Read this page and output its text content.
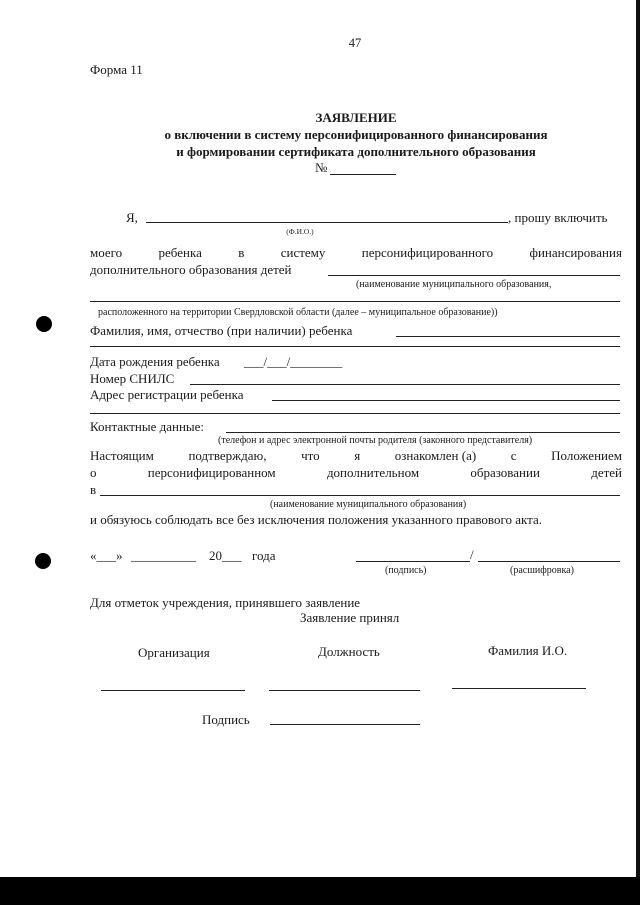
47
Форма 11
ЗАЯВЛЕНИЕ
о включении в систему персонифицированного финансирования
и формировании сертификата дополнительного образования
№
Я,	, прошу включить
(Ф.И.О.)
моего	ребенка	в	систему	персонифицированного	финансирования
дополнительного образования детей
(наименование муниципального образования,
расположенного на территории Свердловской области (далее – муниципальное образование))
Фамилия, имя, отчество (при наличии) ребенка
Дата рождения ребенка ___/___/________
Номер СНИЛС
Адрес регистрации ребенка
Контактные данные:
(телефон и адрес электронной почты родителя (законного представителя)
Настоящим	подтверждаю,	что	я	ознакомлен (а)	с	Положением
о	персонифицированном	дополнительном	образовании	детей
в
(наименование муниципального образования)
и обязуюсь соблюдать все без исключения положения указанного правового акта.
«___» __________ 20___ года	/
(подпись)	(расшифровка)
Для отметок учреждения, принявшего заявление
Заявление принял
Организация	Должность	Фамилия И.О.
Подпись
